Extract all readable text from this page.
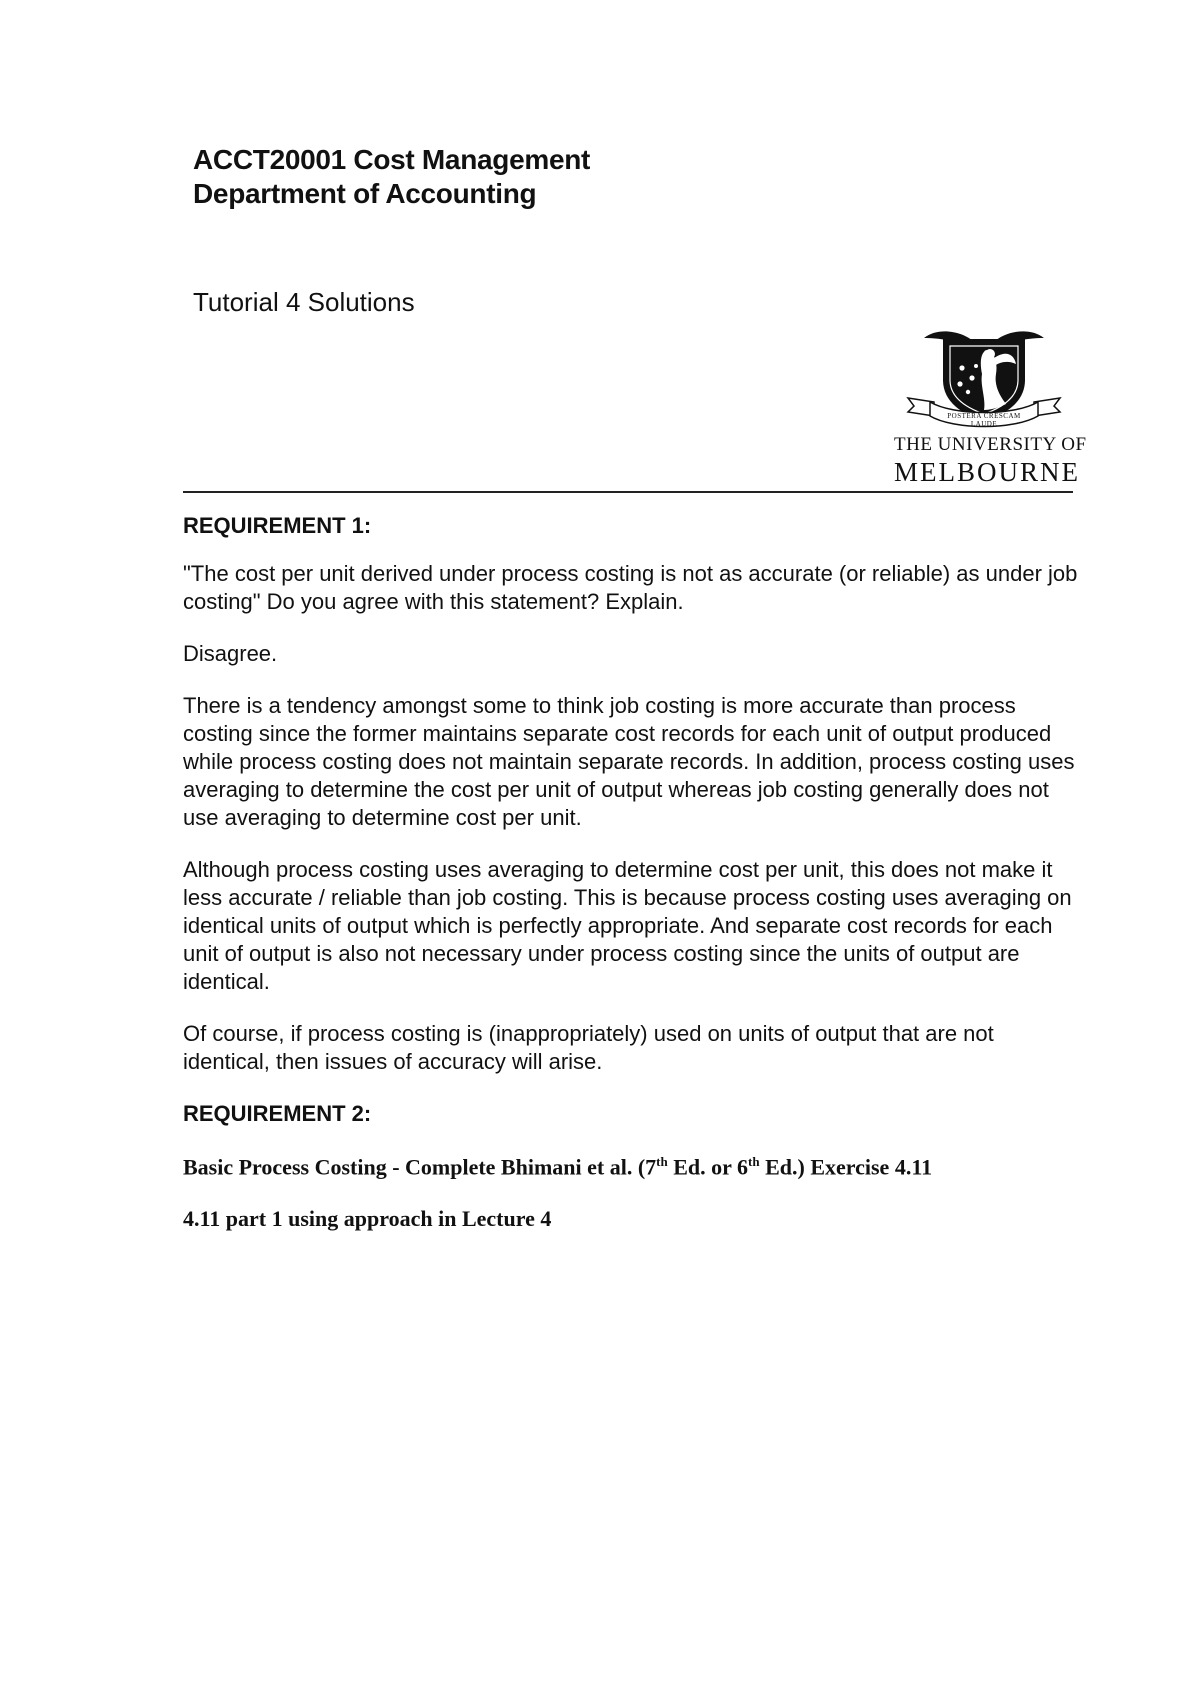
ACCT20001 Cost Management
Department of Accounting
Tutorial 4 Solutions
POSTERA CRESCAM LAUDE
THE UNIVERSITY OF
MELBOURNE

REQUIREMENT 1:

"The cost per unit derived under process costing is not as accurate (or reliable) as under job costing" Do you agree with this statement? Explain.

Disagree.

There is a tendency amongst some to think job costing is more accurate than process costing since the former maintains separate cost records for each unit of output produced while process costing does not maintain separate records. In addition, process costing uses averaging to determine the cost per unit of output whereas job costing generally does not use averaging to determine cost per unit.

Although process costing uses averaging to determine cost per unit, this does not make it less accurate / reliable than job costing. This is because process costing uses averaging on identical units of output which is perfectly appropriate. And separate cost records for each unit of output is also not necessary under process costing since the units of output are identical.

Of course, if process costing is (inappropriately) used on units of output that are not identical, then issues of accuracy will arise.

REQUIREMENT 2:

Basic Process Costing - Complete Bhimani et al. (7th Ed. or 6th Ed.) Exercise 4.11

4.11 part 1 using approach in Lecture 4
